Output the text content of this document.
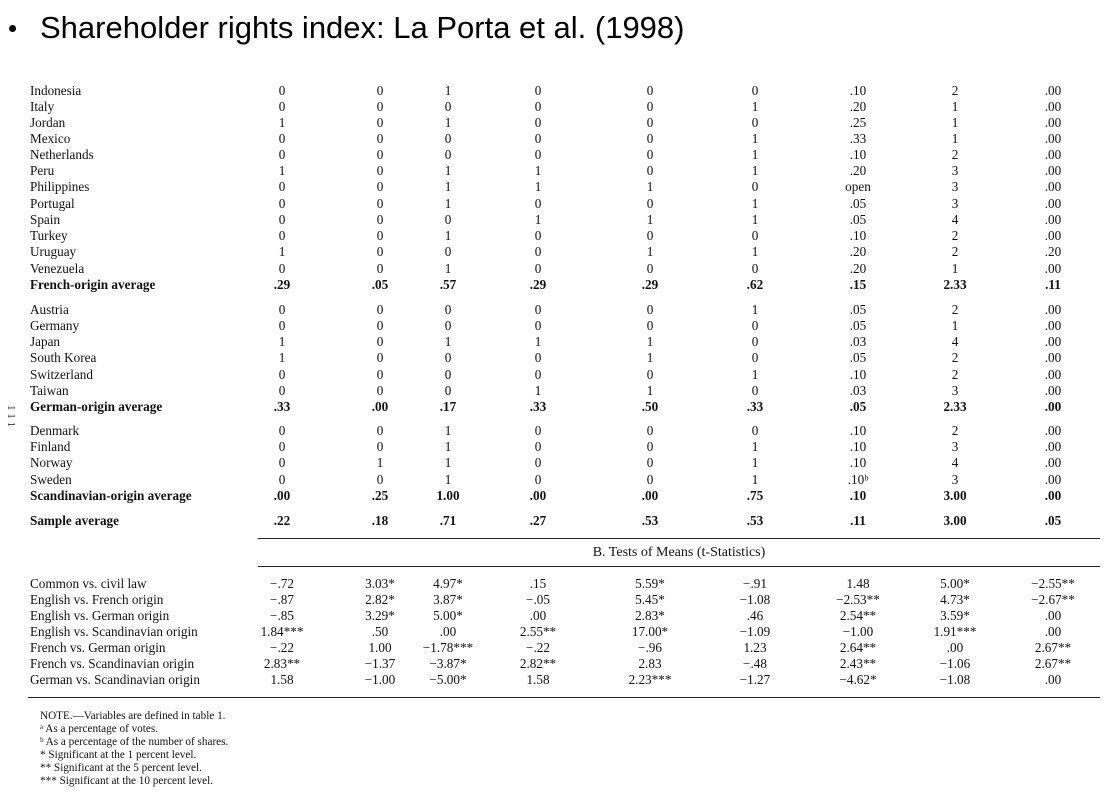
• Shareholder rights index: La Porta et al. (1998)
1 1 1
Indonesia	0	0	1	0	0	0	.10	2	.00
Italy	0	0	0	0	0	1	.20	1	.00
Jordan	1	0	1	0	0	0	.25	1	.00
Mexico	0	0	0	0	0	1	.33	1	.00
Netherlands	0	0	0	0	0	1	.10	2	.00
Peru	1	0	1	1	0	1	.20	3	.00
Philippines	0	0	1	1	1	0	open	3	.00
Portugal	0	0	1	0	0	1	.05	3	.00
Spain	0	0	0	1	1	1	.05	4	.00
Turkey	0	0	1	0	0	0	.10	2	.00
Uruguay	1	0	0	0	1	1	.20	2	.20
Venezuela	0	0	1	0	0	0	.20	1	.00
French-origin average	.29	.05	.57	.29	.29	.62	.15	2.33	.11
Austria	0	0	0	0	0	1	.05	2	.00
Germany	0	0	0	0	0	0	.05	1	.00
Japan	1	0	1	1	1	0	.03	4	.00
South Korea	1	0	0	0	1	0	.05	2	.00
Switzerland	0	0	0	0	0	1	.10	2	.00
Taiwan	0	0	0	1	1	0	.03	3	.00
German-origin average	.33	.00	.17	.33	.50	.33	.05	2.33	.00
Denmark	0	0	1	0	0	0	.10	2	.00
Finland	0	0	1	0	0	1	.10	3	.00
Norway	0	1	1	0	0	1	.10	4	.00
Sweden	0	0	1	0	0	1	.10ᵇ	3	.00
Scandinavian-origin average	.00	.25	1.00	.00	.00	.75	.10	3.00	.00
Sample average	.22	.18	.71	.27	.53	.53	.11	3.00	.05
B. Tests of Means (t-Statistics)
Common vs. civil law	−.72	3.03*	4.97*	.15	5.59*	−.91	1.48	5.00*	−2.55**
English vs. French origin	−.87	2.82*	3.87*	−.05	5.45*	−1.08	−2.53**	4.73*	−2.67**
English vs. German origin	−.85	3.29*	5.00*	.00	2.83*	.46	2.54**	3.59*	.00
English vs. Scandinavian origin	1.84***	.50	.00	2.55**	17.00*	−1.09	−1.00	1.91***	.00
French vs. German origin	−.22	1.00	−1.78***	−.22	−.96	1.23	2.64**	.00	2.67**
French vs. Scandinavian origin	2.83**	−1.37	−3.87*	2.82**	2.83	−.48	2.43**	−1.06	2.67**
German vs. Scandinavian origin	1.58	−1.00	−5.00*	1.58	2.23***	−1.27	−4.62*	−1.08	.00
NOTE.—Variables are defined in table 1.
ᵃ As a percentage of votes.
ᵇ As a percentage of the number of shares.
* Significant at the 1 percent level.
** Significant at the 5 percent level.
*** Significant at the 10 percent level.
